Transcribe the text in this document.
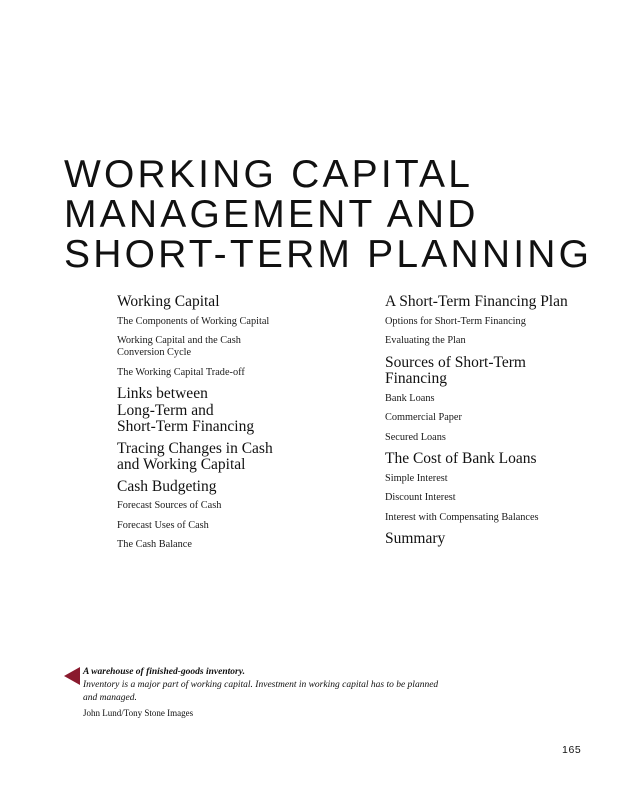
WORKING CAPITAL
MANAGEMENT AND
SHORT-TERM PLANNING
Working Capital
The Components of Working Capital
Working Capital and the Cash
Conversion Cycle
The Working Capital Trade-off
Links between
Long-Term and
Short-Term Financing
Tracing Changes in Cash
and Working Capital
Cash Budgeting
Forecast Sources of Cash
Forecast Uses of Cash
The Cash Balance
A Short-Term Financing Plan
Options for Short-Term Financing
Evaluating the Plan
Sources of Short-Term
Financing
Bank Loans
Commercial Paper
Secured Loans
The Cost of Bank Loans
Simple Interest
Discount Interest
Interest with Compensating Balances
Summary
A warehouse of finished-goods inventory.
Inventory is a major part of working capital. Investment in working capital has to be planned
and managed.
John Lund/Tony Stone Images
165
